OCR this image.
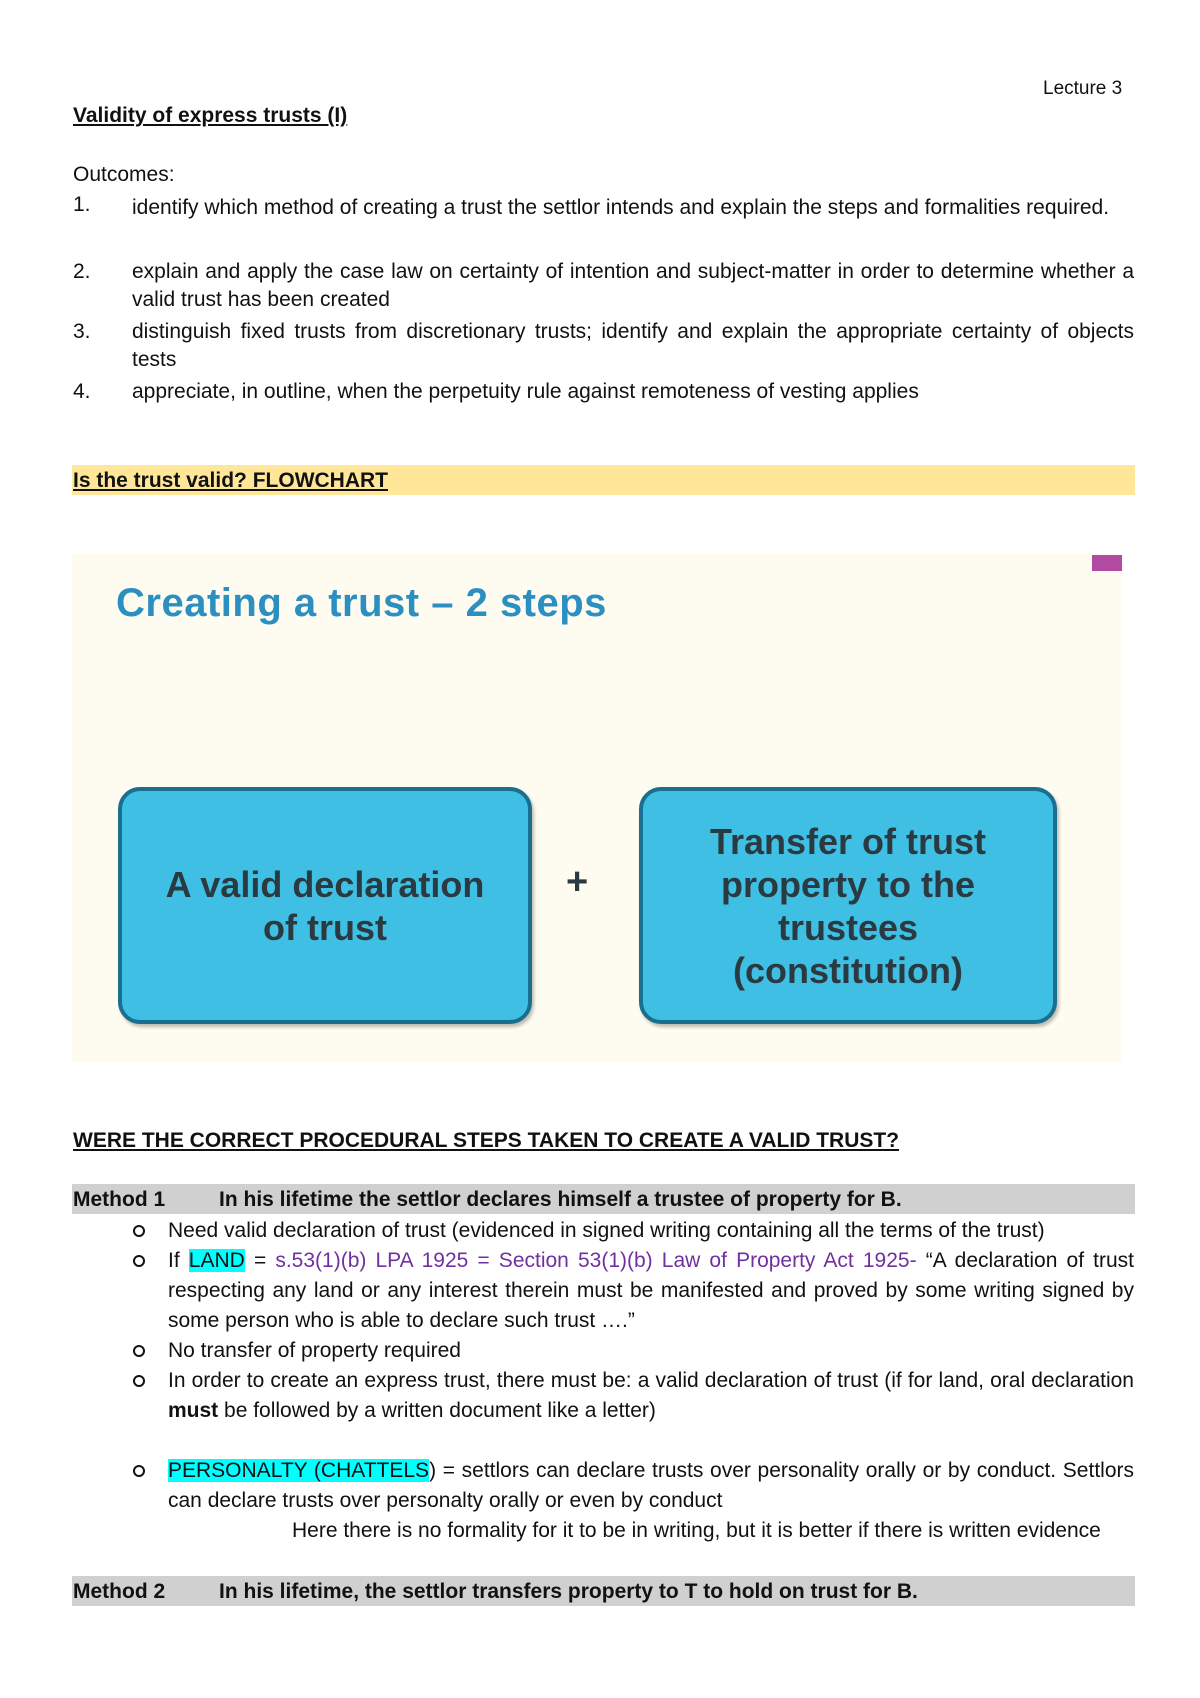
Lecture 3
Validity of express trusts (I)
Outcomes:
1. identify which method of creating a trust the settlor intends and explain the steps and formalities required.
2. explain and apply the case law on certainty of intention and subject-matter in order to determine whether a valid trust has been created
3. distinguish fixed trusts from discretionary trusts; identify and explain the appropriate certainty of objects tests
4. appreciate, in outline, when the perpetuity rule against remoteness of vesting applies
Is the trust valid? FLOWCHART
Creating a trust – 2 steps
A valid declaration of trust
+
Transfer of trust property to the trustees (constitution)
WERE THE CORRECT PROCEDURAL STEPS TAKEN TO CREATE A VALID TRUST?
Method 1	In his lifetime the settlor declares himself a trustee of property for B.
Need valid declaration of trust (evidenced in signed writing containing all the terms of the trust)
If LAND = s.53(1)(b) LPA 1925 = Section 53(1)(b) Law of Property Act 1925- “A declaration of trust respecting any land or any interest therein must be manifested and proved by some writing signed by some person who is able to declare such trust ….”
No transfer of property required
In order to create an express trust, there must be: a valid declaration of trust (if for land, oral declaration must be followed by a written document like a letter)
PERSONALTY (CHATTELS) = settlors can declare trusts over personality orally or by conduct. Settlors can declare trusts over personalty orally or even by conduct
Here there is no formality for it to be in writing, but it is better if there is written evidence
Method 2	In his lifetime, the settlor transfers property to T to hold on trust for B.
